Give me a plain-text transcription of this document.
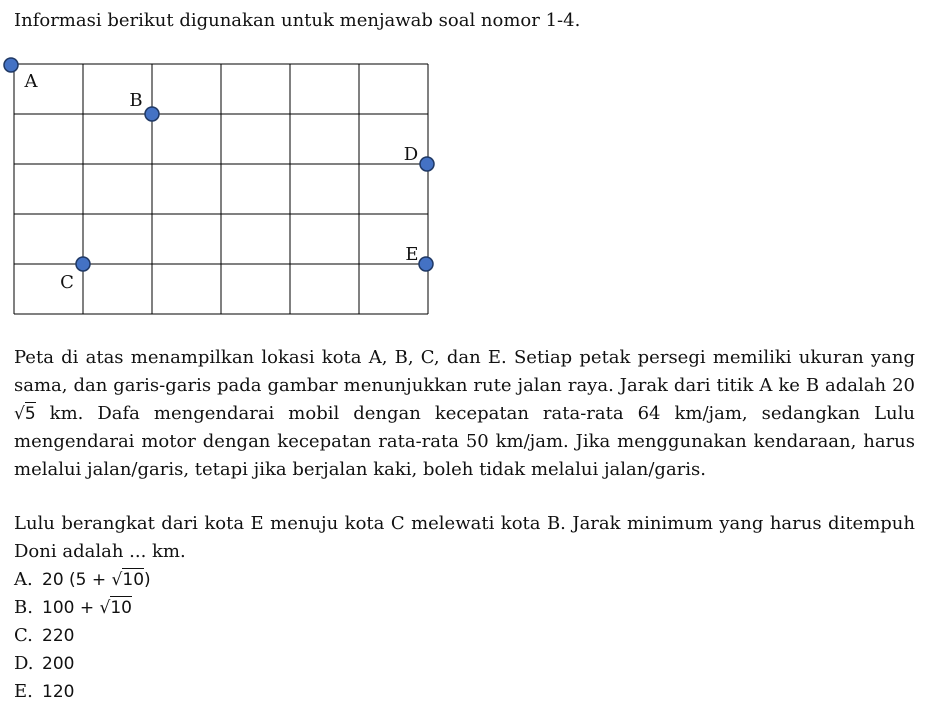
Informasi berikut digunakan untuk menjawab soal nomor 1-4.

A
B
D
C
E

Peta di atas menampilkan lokasi kota A, B, C, dan E. Setiap petak persegi memiliki ukuran yang sama, dan garis-garis pada gambar menunjukkan rute jalan raya. Jarak dari titik A ke B adalah 20√5 km. Dafa mengendarai mobil dengan kecepatan rata-rata 64 km/jam, sedangkan Lulu mengendarai motor dengan kecepatan rata-rata 50 km/jam. Jika menggunakan kendaraan, harus melalui jalan/garis, tetapi jika berjalan kaki, boleh tidak melalui jalan/garis.

Lulu berangkat dari kota E menuju kota C melewati kota B. Jarak minimum yang harus ditempuh Doni adalah ... km.

A. 20 (5 + √10)
B. 100 + √10
C. 220
D. 200
E. 120
